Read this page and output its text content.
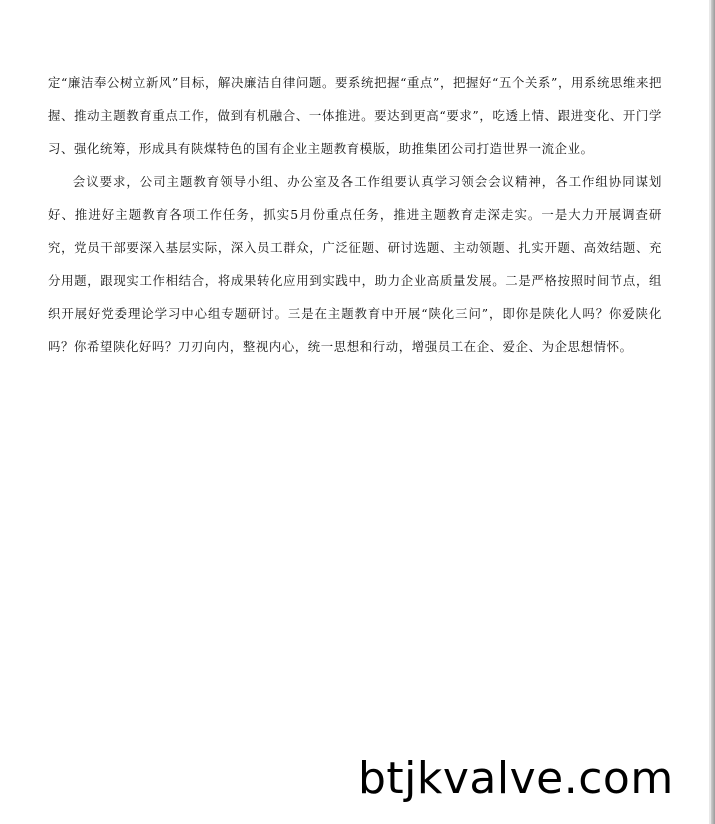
定“廉洁奉公树立新风”目标，解决廉洁自律问题。要系统把握“重点”，把握好“五个关系”，用系统思维来把握、推动主题教育重点工作，做到有机融合、一体推进。要达到更高“要求”，吃透上情、跟进变化、开门学习、强化统筹，形成具有陕煤特色的国有企业主题教育模版，助推集团公司打造世界一流企业。

会议要求，公司主题教育领导小组、办公室及各工作组要认真学习领会会议精神，各工作组协同谋划好、推进好主题教育各项工作任务，抓实5月份重点任务，推进主题教育走深走实。一是大力开展调查研究，党员干部要深入基层实际，深入员工群众，广泛征题、研讨选题、主动领题、扎实开题、高效结题、充分用题，跟现实工作相结合，将成果转化应用到实践中，助力企业高质量发展。二是严格按照时间节点，组织开展好党委理论学习中心组专题研讨。三是在主题教育中开展“陕化三问”，即你是陕化人吗？你爱陕化吗？你希望陕化好吗？刀刃向内，整视内心，统一思想和行动，增强员工在企、爱企、为企思想情怀。

btjkvalve.com
